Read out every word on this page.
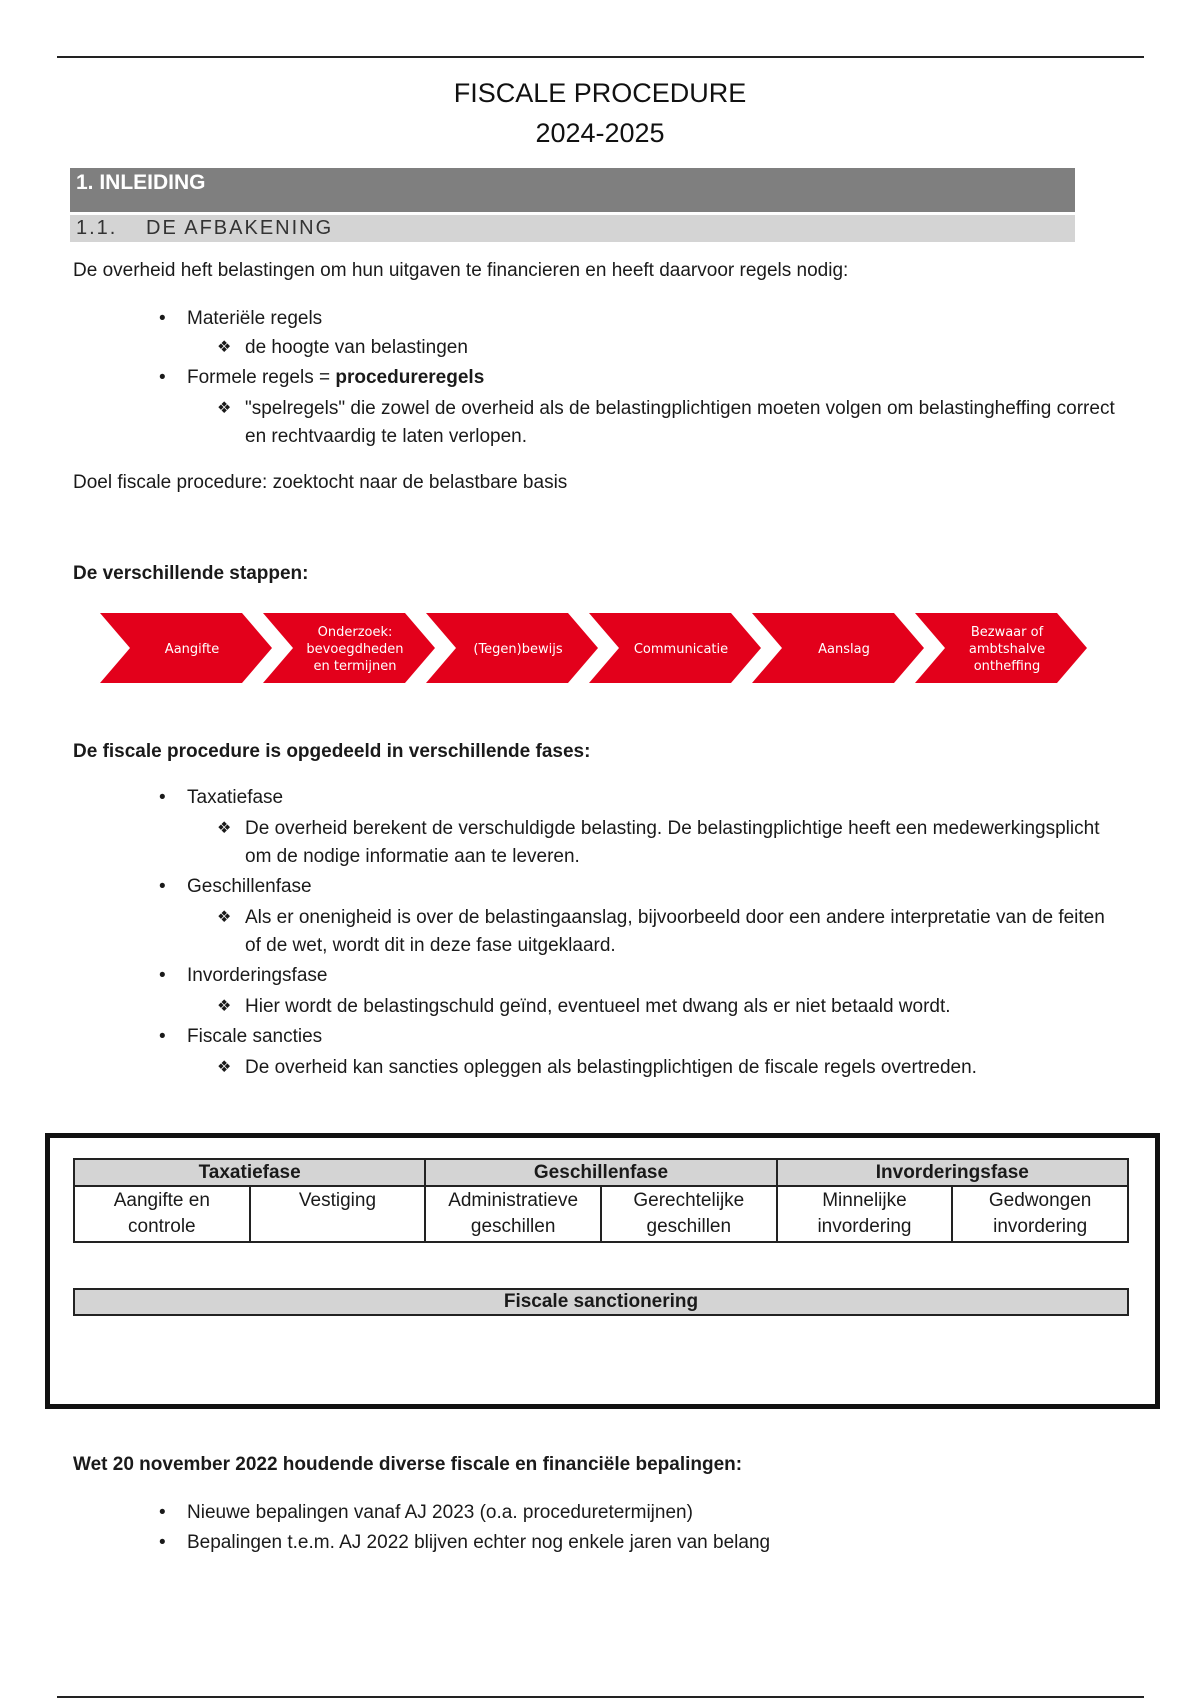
FISCALE PROCEDURE
2024-2025
1. INLEIDING
1.1. DE AFBAKENING
De overheid heft belastingen om hun uitgaven te financieren en heeft daarvoor regels nodig:
• Materiële regels
❖ de hoogte van belastingen
• Formele regels = procedureregels
❖ "spelregels" die zowel de overheid als de belastingplichtigen moeten volgen om belastingheffing correct en rechtvaardig te laten verlopen.
Doel fiscale procedure: zoektocht naar de belastbare basis
De verschillende stappen:
Aangifte
Onderzoek:
bevoegdheden
en termijnen
(Tegen)bewijs	Communicatie	Aanslag
Bezwaar of
ambtshalve
ontheffing
De fiscale procedure is opgedeeld in verschillende fases:
• Taxatiefase
❖ De overheid berekent de verschuldigde belasting. De belastingplichtige heeft een medewerkingsplicht om de nodige informatie aan te leveren.
• Geschillenfase
❖ Als er onenigheid is over de belastingaanslag, bijvoorbeeld door een andere interpretatie van de feiten of de wet, wordt dit in deze fase uitgeklaard.
• Invorderingsfase
❖ Hier wordt de belastingschuld geïnd, eventueel met dwang als er niet betaald wordt.
• Fiscale sancties
❖ De overheid kan sancties opleggen als belastingplichtigen de fiscale regels overtreden.
Taxatiefase		Geschillenfase		Invorderingsfase	
Aangifte en controle	Vestiging	Administratieve geschillen	Gerechtelijke geschillen	Minnelijke invordering	Gedwongen invordering
Fiscale sanctionering
Wet 20 november 2022 houdende diverse fiscale en financiële bepalingen:
• Nieuwe bepalingen vanaf AJ 2023 (o.a. proceduretermijnen)
• Bepalingen t.e.m. AJ 2022 blijven echter nog enkele jaren van belang
